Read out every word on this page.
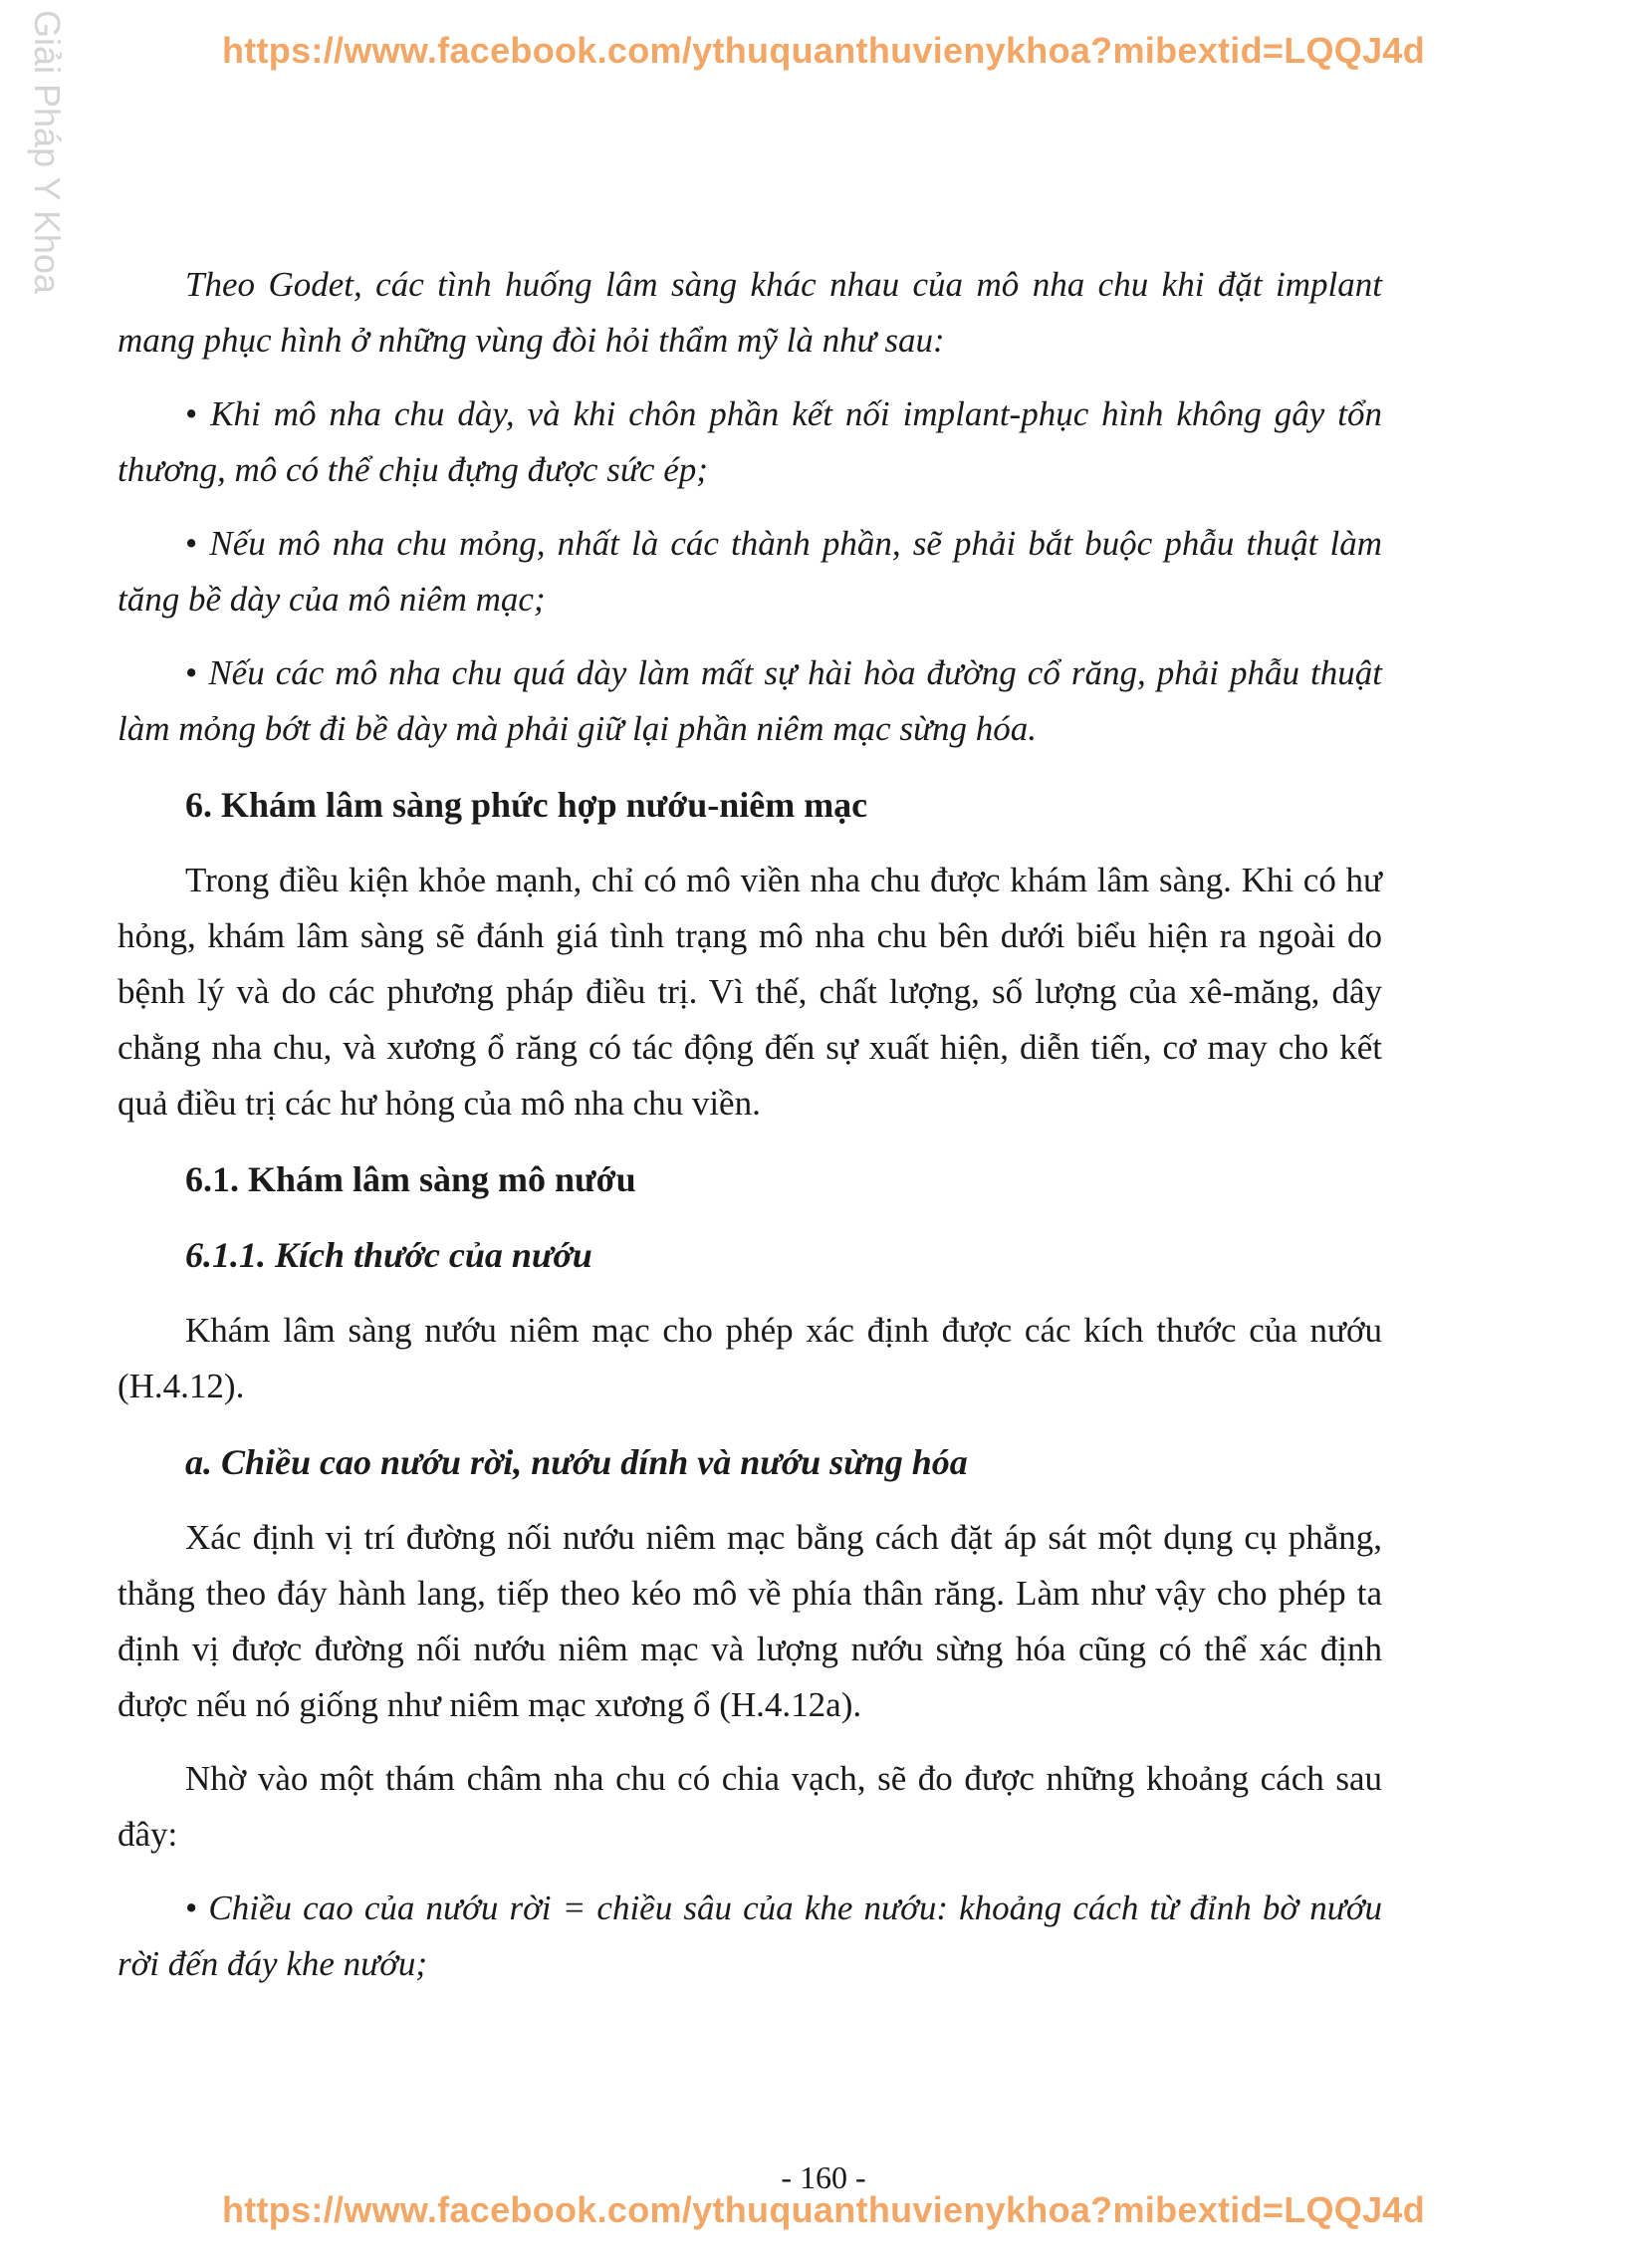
https://www.facebook.com/ythuquanthuvienykhoa?mibextid=LQQJ4d
Giải Pháp Y Khoa	Theo Godet, các tình huống lâm sàng khác nhau của mô nha chu khi đặt implant mang phục hình ở những vùng đòi hỏi thẩm mỹ là như sau:

• Khi mô nha chu dày, và khi chôn phần kết nối implant-phục hình không gây tổn thương, mô có thể chịu đựng được sức ép;

• Nếu mô nha chu mỏng, nhất là các thành phần, sẽ phải bắt buộc phẫu thuật làm tăng bề dày của mô niêm mạc;

• Nếu các mô nha chu quá dày làm mất sự hài hòa đường cổ răng, phải phẫu thuật làm mỏng bớt đi bề dày mà phải giữ lại phần niêm mạc sừng hóa.

6. Khám lâm sàng phức hợp nướu-niêm mạc

Trong điều kiện khỏe mạnh, chỉ có mô viền nha chu được khám lâm sàng. Khi có hư hỏng, khám lâm sàng sẽ đánh giá tình trạng mô nha chu bên dưới biểu hiện ra ngoài do bệnh lý và do các phương pháp điều trị. Vì thế, chất lượng, số lượng của xê-măng, dây chằng nha chu, và xương ổ răng có tác động đến sự xuất hiện, diễn tiến, cơ may cho kết quả điều trị các hư hỏng của mô nha chu viền.

6.1. Khám lâm sàng mô nướu

6.1.1. Kích thước của nướu

Khám lâm sàng nướu niêm mạc cho phép xác định được các kích thước của nướu (H.4.12).

a. Chiều cao nướu rời, nướu dính và nướu sừng hóa

Xác định vị trí đường nối nướu niêm mạc bằng cách đặt áp sát một dụng cụ phẳng, thẳng theo đáy hành lang, tiếp theo kéo mô về phía thân răng. Làm như vậy cho phép ta định vị được đường nối nướu niêm mạc và lượng nướu sừng hóa cũng có thể xác định được nếu nó giống như niêm mạc xương ổ (H.4.12a).

Nhờ vào một thám châm nha chu có chia vạch, sẽ đo được những khoảng cách sau đây:

• Chiều cao của nướu rời = chiều sâu của khe nướu: khoảng cách từ đỉnh bờ nướu rời đến đáy khe nướu;

- 160 -
https://www.facebook.com/ythuquanthuvienykhoa?mibextid=LQQJ4d
